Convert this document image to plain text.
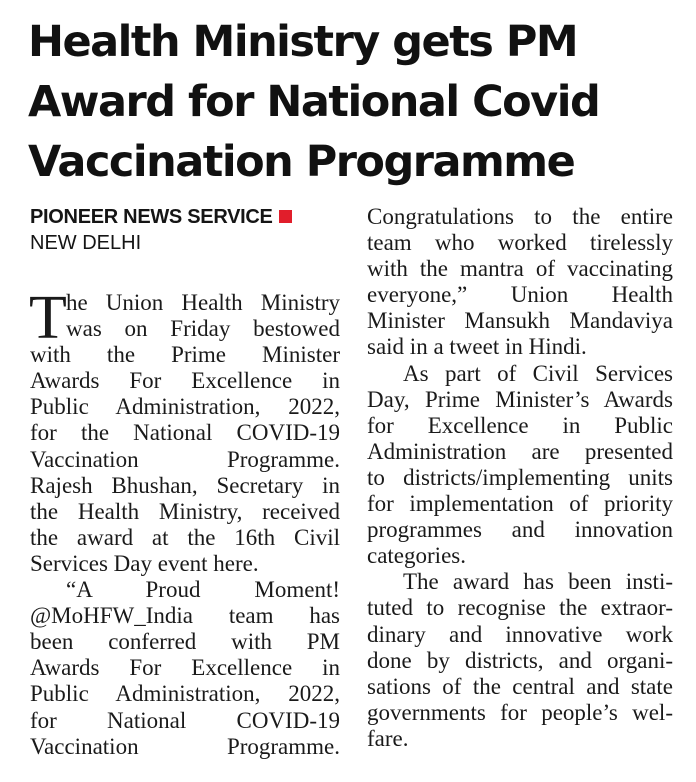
Health Ministry gets PM
Award for National Covid
Vaccination Programme
PIONEER NEWS SERVICE
NEW DELHI
T he Union Health Ministry
was on Friday bestowed
with the Prime Minister
Awards For Excellence in
Public Administration, 2022,
for the National COVID-19
Vaccination Programme.
Rajesh Bhushan, Secretary in
the Health Ministry, received
the award at the 16th Civil
Services Day event here.
“A Proud Moment!
@MoHFW_India team has
been conferred with PM
Awards For Excellence in
Public Administration, 2022,
for National COVID-19
Vaccination Programme.
Congratulations to the entire
team who worked tirelessly
with the mantra of vaccinating
everyone,” Union Health
Minister Mansukh Mandaviya
said in a tweet in Hindi.
As part of Civil Services
Day, Prime Minister’s Awards
for Excellence in Public
Administration are presented
to districts/implementing units
for implementation of priority
programmes and innovation
categories.
The award has been insti-
tuted to recognise the extraor-
dinary and innovative work
done by districts, and organi-
sations of the central and state
governments for people’s wel-
fare.
